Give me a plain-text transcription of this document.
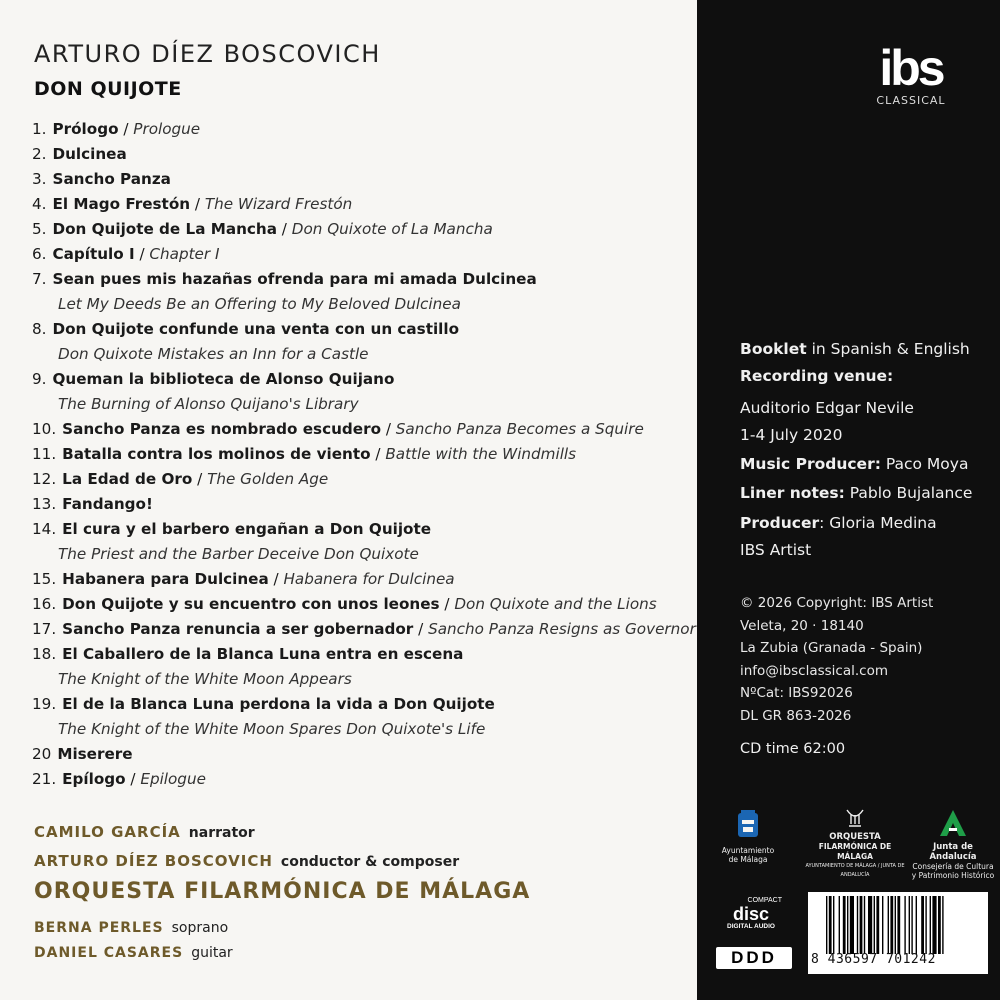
ARTURO DÍEZ BOSCOVICH
DON QUIJOTE
1. Prólogo / Prologue
2. Dulcinea
3. Sancho Panza
4. El Mago Frestón / The Wizard Frestón
5. Don Quijote de La Mancha / Don Quixote of La Mancha
6. Capítulo I / Chapter I
7. Sean pues mis hazañas ofrenda para mi amada Dulcinea
Let My Deeds Be an Offering to My Beloved Dulcinea
8. Don Quijote confunde una venta con un castillo
Don Quixote Mistakes an Inn for a Castle
9. Queman la biblioteca de Alonso Quijano
The Burning of Alonso Quijano's Library
10. Sancho Panza es nombrado escudero / Sancho Panza Becomes a Squire
11. Batalla contra los molinos de viento / Battle with the Windmills
12. La Edad de Oro / The Golden Age
13. Fandango!
14. El cura y el barbero engañan a Don Quijote
The Priest and the Barber Deceive Don Quixote
15. Habanera para Dulcinea / Habanera for Dulcinea
16. Don Quijote y su encuentro con unos leones / Don Quixote and the Lions
17. Sancho Panza renuncia a ser gobernador / Sancho Panza Resigns as Governor
18. El Caballero de la Blanca Luna entra en escena
The Knight of the White Moon Appears
19. El de la Blanca Luna perdona la vida a Don Quijote
The Knight of the White Moon Spares Don Quixote's Life
20 Miserere
21. Epílogo / Epilogue
CAMILO GARCÍA narrator
ARTURO DÍEZ BOSCOVICH conductor & composer
ORQUESTA FILARMÓNICA DE MÁLAGA
BERNA PERLES soprano
DANIEL CASARES guitar
ibs
CLASSICAL
Booklet in Spanish & English
Recording venue:
Auditorio Edgar Nevile
1-4 July 2020
Music Producer: Paco Moya
Liner notes: Pablo Bujalance
Producer: Gloria Medina
IBS Artist
© 2026 Copyright: IBS Artist
Veleta, 20 · 18140
La Zubia (Granada - Spain)
info@ibsclassical.com
NºCat: IBS92026
DL GR 863-2026
CD time 62:00
Ayuntamiento
de Málaga
ORQUESTA
FILARMÓNICA DE MÁLAGA
AYUNTAMIENTO DE MÁLAGA / JUNTA DE ANDALUCÍA
Junta de Andalucía
Consejería de Cultura
y Patrimonio Histórico
COMPACT
disc
DIGITAL AUDIO
DDD	8 436597 701242
